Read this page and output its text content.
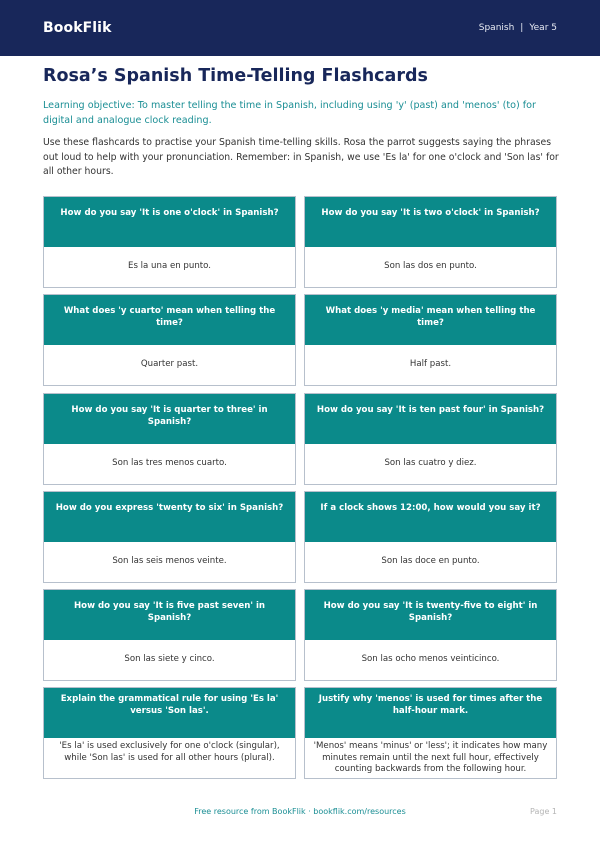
BookFlik	Spanish | Year 5
Rosa’s Spanish Time-Telling Flashcards
Learning objective: To master telling the time in Spanish, including using 'y' (past) and 'menos' (to) for digital and analogue clock reading.
Use these flashcards to practise your Spanish time-telling skills. Rosa the parrot suggests saying the phrases out loud to help with your pronunciation. Remember: in Spanish, we use 'Es la' for one o'clock and 'Son las' for all other hours.
How do you say 'It is one o'clock' in Spanish?
Es la una en punto.
How do you say 'It is two o'clock' in Spanish?
Son las dos en punto.
What does 'y cuarto' mean when telling the time?
Quarter past.
What does 'y media' mean when telling the time?
Half past.
How do you say 'It is quarter to three' in Spanish?
Son las tres menos cuarto.
How do you say 'It is ten past four' in Spanish?
Son las cuatro y diez.
How do you express 'twenty to six' in Spanish?
Son las seis menos veinte.
If a clock shows 12:00, how would you say it?
Son las doce en punto.
How do you say 'It is five past seven' in Spanish?
Son las siete y cinco.
How do you say 'It is twenty-five to eight' in Spanish?
Son las ocho menos veinticinco.
Explain the grammatical rule for using 'Es la' versus 'Son las'.
'Es la' is used exclusively for one o'clock (singular), while 'Son las' is used for all other hours (plural).
Justify why 'menos' is used for times after the half-hour mark.
'Menos' means 'minus' or 'less'; it indicates how many minutes remain until the next full hour, effectively counting backwards from the following hour.
Free resource from BookFlik · bookflik.com/resources	Page 1
